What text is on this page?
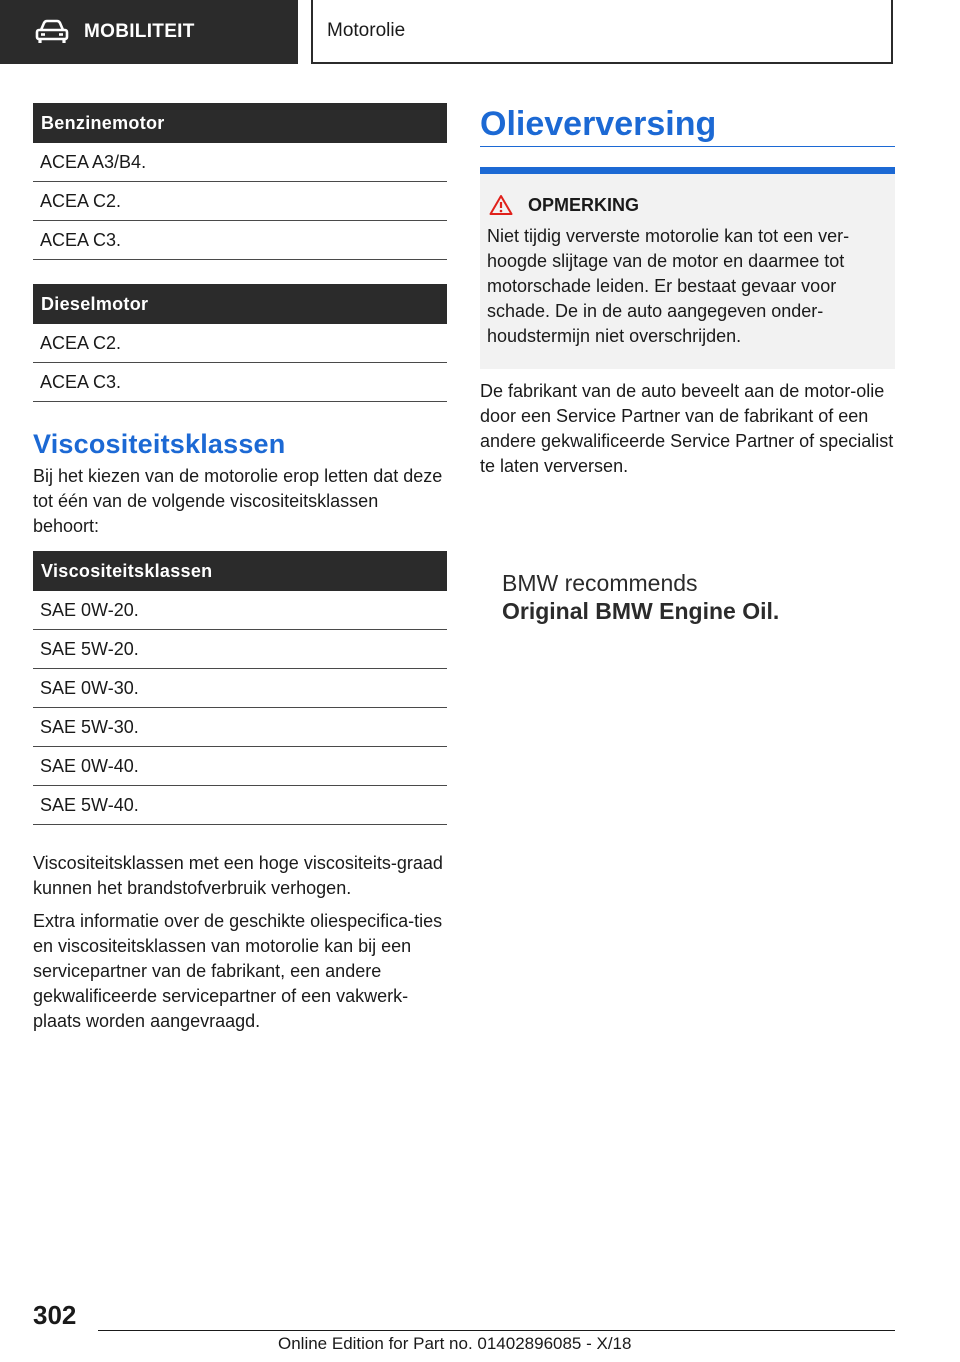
MOBILITEIT	Motorolie
Benzinemotor
ACEA A3/B4.
ACEA C2.
ACEA C3.
Dieselmotor
ACEA C2.
ACEA C3.
Viscositeitsklassen

Bij het kiezen van de motorolie erop letten dat deze tot één van de volgende viscositeitsklassen behoort:

Viscositeitsklassen
SAE 0W-20.
SAE 5W-20.
SAE 0W-30.
SAE 5W-30.
SAE 0W-40.
SAE 5W-40.

Viscositeitsklassen met een hoge viscositeits-graad kunnen het brandstofverbruik verhogen.

Extra informatie over de geschikte oliespecifica-ties en viscositeitsklassen van motorolie kan bij een servicepartner van de fabrikant, een andere gekwalificeerde servicepartner of een vakwerk-plaats worden aangevraagd.

Olieverversing
OPMERKING
Niet tijdig ververste motorolie kan tot een ver-hoogde slijtage van de motor en daarmee tot motorschade leiden. Er bestaat gevaar voor schade. De in de auto aangegeven onder-houdstermijn niet overschrijden.
De fabrikant van de auto beveelt aan de motor-olie door een Service Partner van de fabrikant of een andere gekwalificeerde Service Partner of specialist te laten verversen.
BMW recommends
Original BMW Engine Oil.
302
Online Edition for Part no. 01402896085 - X/18
